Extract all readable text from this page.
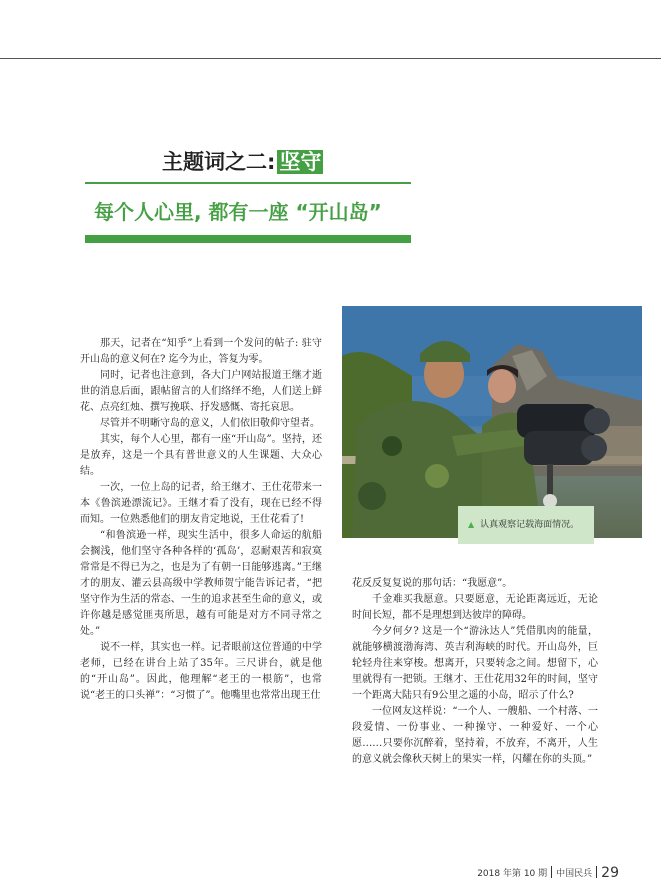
主题词之二: 坚守
每个人心里, 都有一座 “开山岛”

那天，记者在“知乎”上看到一个发问的帖子: 驻守开山岛的意义何在? 迄今为止，答复为零。

同时，记者也注意到，各大门户网站报道王继才逝世的消息后面，跟帖留言的人们络绎不绝，人们送上鲜花、点亮红烛、撰写挽联、抒发感慨、寄托哀思。

尽管并不明晰守岛的意义，人们依旧敬仰守望者。

其实，每个人心里，都有一座“开山岛”。坚持，还是放弃，这是一个具有普世意义的人生课题、大众心结。

一次，一位上岛的记者，给王继才、王仕花带来一本《鲁滨逊漂流记》。王继才看了没有，现在已经不得而知。一位熟悉他们的朋友肯定地说，王仕花看了!

“和鲁滨逊一样，现实生活中，很多人命运的航船会搁浅，他们坚守各种各样的‘孤岛’，忍耐艰苦和寂寞常常是不得已为之，也是为了有朝一日能够逃离。”王继才的朋友、灌云县高级中学教师贺宁能告诉记者，“把坚守作为生活的常态、一生的追求甚至生命的意义，或许你越是感觉匪夷所思，越有可能是对方不同寻常之处。”

说不一样，其实也一样。记者眼前这位普通的中学老师，已经在讲台上站了35年。三尺讲台，就是他的“开山岛”。因此，他理解“老王的一根筋”，也常说“老王的口头禅”：“习惯了”。他嘴里也常常出现王仕

▲ 认真观察记载海面情况。

花反反复复说的那句话：“我愿意”。

千金难买我愿意。只要愿意，无论距离远近，无论时间长短，都不是理想到达彼岸的障碍。

今夕何夕? 这是一个“游泳达人”凭借肌肉的能量，就能够横渡渤海湾、英吉利海峡的时代。开山岛外，巨轮轻舟往来穿梭。想离开，只要转念之间。想留下，心里就得有一把锁。王继才、王仕花用32年的时间，坚守一个距离大陆只有9公里之遥的小岛，昭示了什么?

一位网友这样说：“一个人、一艘船、一个村落、一段爱情、一份事业、一种操守、一种爱好、一个心愿……只要你沉醉着，坚持着，不放弃，不离开，人生的意义就会像秋天树上的果实一样，闪耀在你的头顶。”

2018 年第 10 期 中国民兵 29
